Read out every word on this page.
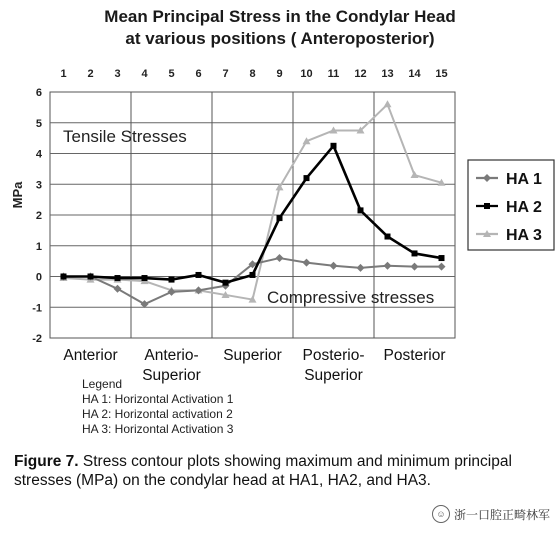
Mean Principal Stress in the Condylar Head
at various positions ( Anteroposterior)
-2
-1
0
1
2
3
4
5
6
1 2 3 4 5 6 7 8 9 10 11 12 13 14 15
MPa
Tensile Stresses
Compressive stresses
HA 1
HA 2
HA 3
Anterior Anterio-
Superior
Superior Posterio-
Superior
Posterior
Legend
HA 1: Horizontal Activation 1
HA 2: Horizontal activation 2
HA 3: Horizontal Activation 3
Figure 7. Stress contour plots showing maximum and minimum principal stresses (MPa) on the condylar head at HA1, HA2, and HA3.
☺ 浙一口腔正畸林军
